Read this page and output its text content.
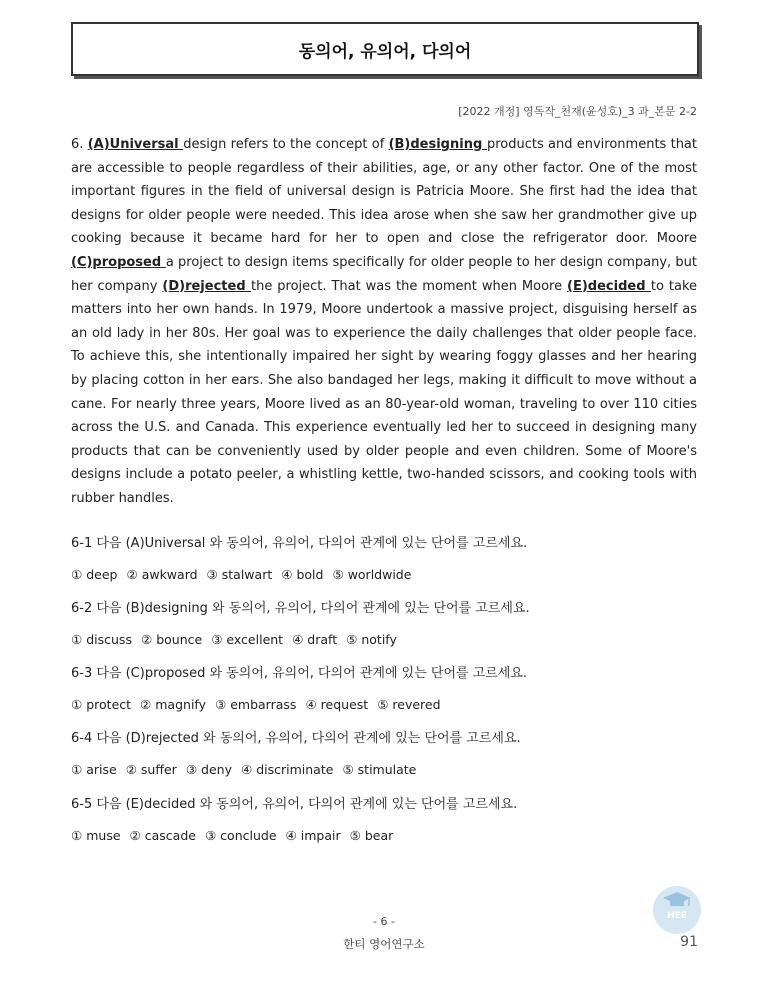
동의어, 유의어, 다의어
[2022 개정] 영독작_천재(윤성호)_3 과_본문 2-2
6. (A)Universal design refers to the concept of (B)designing products and environments that are accessible to people regardless of their abilities, age, or any other factor. One of the most important figures in the field of universal design is Patricia Moore. She first had the idea that designs for older people were needed. This idea arose when she saw her grandmother give up cooking because it became hard for her to open and close the refrigerator door. Moore (C)proposed a project to design items specifically for older people to her design company, but her company (D)rejected the project. That was the moment when Moore (E)decided to take matters into her own hands. In 1979, Moore undertook a massive project, disguising herself as an old lady in her 80s. Her goal was to experience the daily challenges that older people face. To achieve this, she intentionally impaired her sight by wearing foggy glasses and her hearing by placing cotton in her ears. She also bandaged her legs, making it difficult to move without a cane. For nearly three years, Moore lived as an 80-year-old woman, traveling to over 110 cities across the U.S. and Canada. This experience eventually led her to succeed in designing many products that can be conveniently used by older people and even children. Some of Moore's designs include a potato peeler, a whistling kettle, two-handed scissors, and cooking tools with rubber handles.
6-1 다음 (A)Universal 와 동의어, 유의어, 다의어 관계에 있는 단어를 고르세요.
① deep ② awkward ③ stalwart ④ bold ⑤ worldwide
6-2 다음 (B)designing 와 동의어, 유의어, 다의어 관계에 있는 단어를 고르세요.
① discuss ② bounce ③ excellent ④ draft ⑤ notify
6-3 다음 (C)proposed 와 동의어, 유의어, 다의어 관계에 있는 단어를 고르세요.
① protect ② magnify ③ embarrass ④ request ⑤ revered
6-4 다음 (D)rejected 와 동의어, 유의어, 다의어 관계에 있는 단어를 고르세요.
① arise ② suffer ③ deny ④ discriminate ⑤ stimulate
6-5 다음 (E)decided 와 동의어, 유의어, 다의어 관계에 있는 단어를 고르세요.
① muse ② cascade ③ conclude ④ impair ⑤ bear
HEE
- 6 -
한티 영어연구소	91
